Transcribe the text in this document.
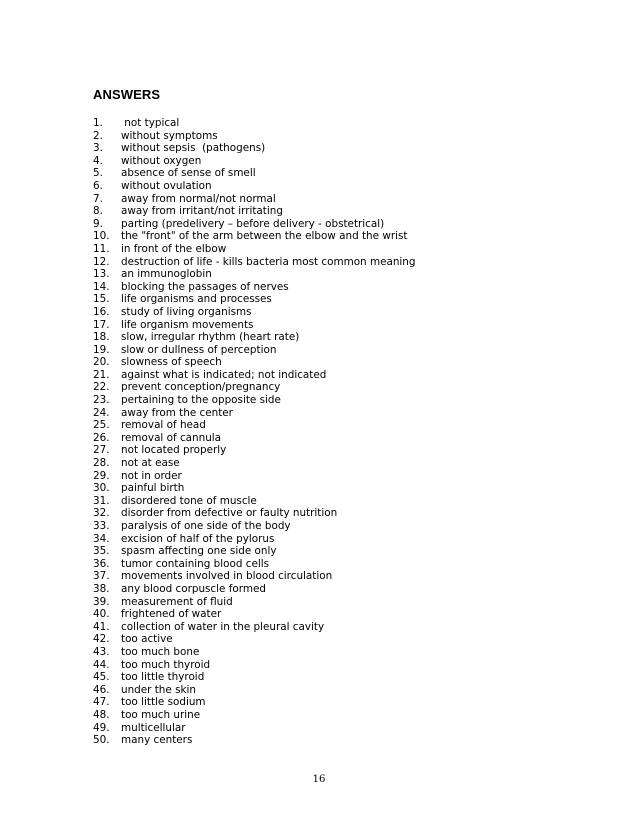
ANSWERS
1.	not typical
2.	without symptoms
3.	without sepsis  (pathogens)
4.	without oxygen
5.	absence of sense of smell
6.	without ovulation
7.	away from normal/not normal
8.	away from irritant/not irritating
9.	parting (predelivery – before delivery - obstetrical)
10.	the "front" of the arm between the elbow and the wrist
11.	in front of the elbow
12.	destruction of life - kills bacteria most common meaning
13.	an immunoglobin
14.	blocking the passages of nerves
15.	life organisms and processes
16.	study of living organisms
17.	life organism movements
18.	slow, irregular rhythm (heart rate)
19.	slow or dullness of perception
20.	slowness of speech
21.	against what is indicated; not indicated
22.	prevent conception/pregnancy
23.	pertaining to the opposite side
24.	away from the center
25.	removal of head
26.	removal of cannula
27.	not located properly
28.	not at ease
29.	not in order
30.	painful birth
31.	disordered tone of muscle
32.	disorder from defective or faulty nutrition
33.	paralysis of one side of the body
34.	excision of half of the pylorus
35.	spasm affecting one side only
36.	tumor containing blood cells
37.	movements involved in blood circulation
38.	any blood corpuscle formed
39.	measurement of fluid
40.	frightened of water
41.	collection of water in the pleural cavity
42.	too active
43.	too much bone
44.	too much thyroid
45.	too little thyroid
46.	under the skin
47.	too little sodium
48.	too much urine
49.	multicellular
50.	many centers
16
